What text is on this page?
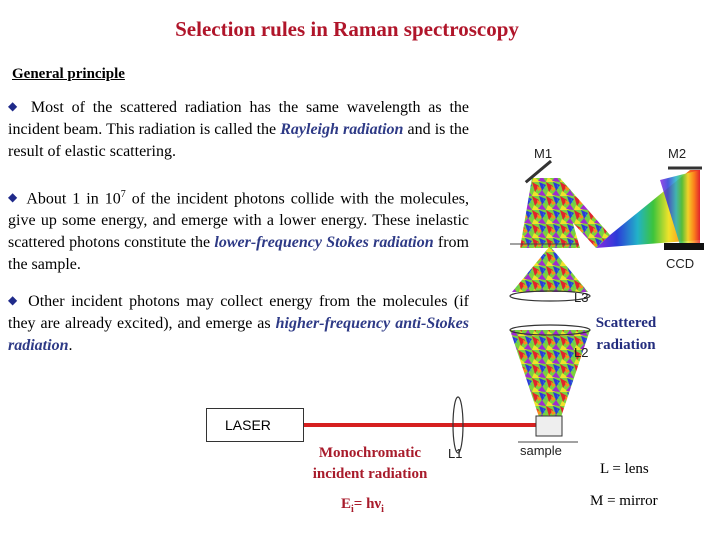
Selection rules in Raman spectroscopy
General principle
◆ Most of the scattered radiation has the same wavelength as the incident beam. This radiation is called the Rayleigh radiation and is the result of elastic scattering.
◆ About 1 in $10^7$ of the incident photons collide with the molecules, give up some energy, and emerge with a lower energy. These inelastic scattered photons constitute the lower-frequency Stokes radiation from the sample.
◆ Other incident photons may collect energy from the molecules (if they are already excited), and emerge as higher-frequency anti-Stokes radiation.
LASER
M1	M2
CCD
L3
L2
L1	sample
Scattered
radiation
Monochromatic
incident radiation
$E_i= h\nu_i$
L = lens
M = mirror
